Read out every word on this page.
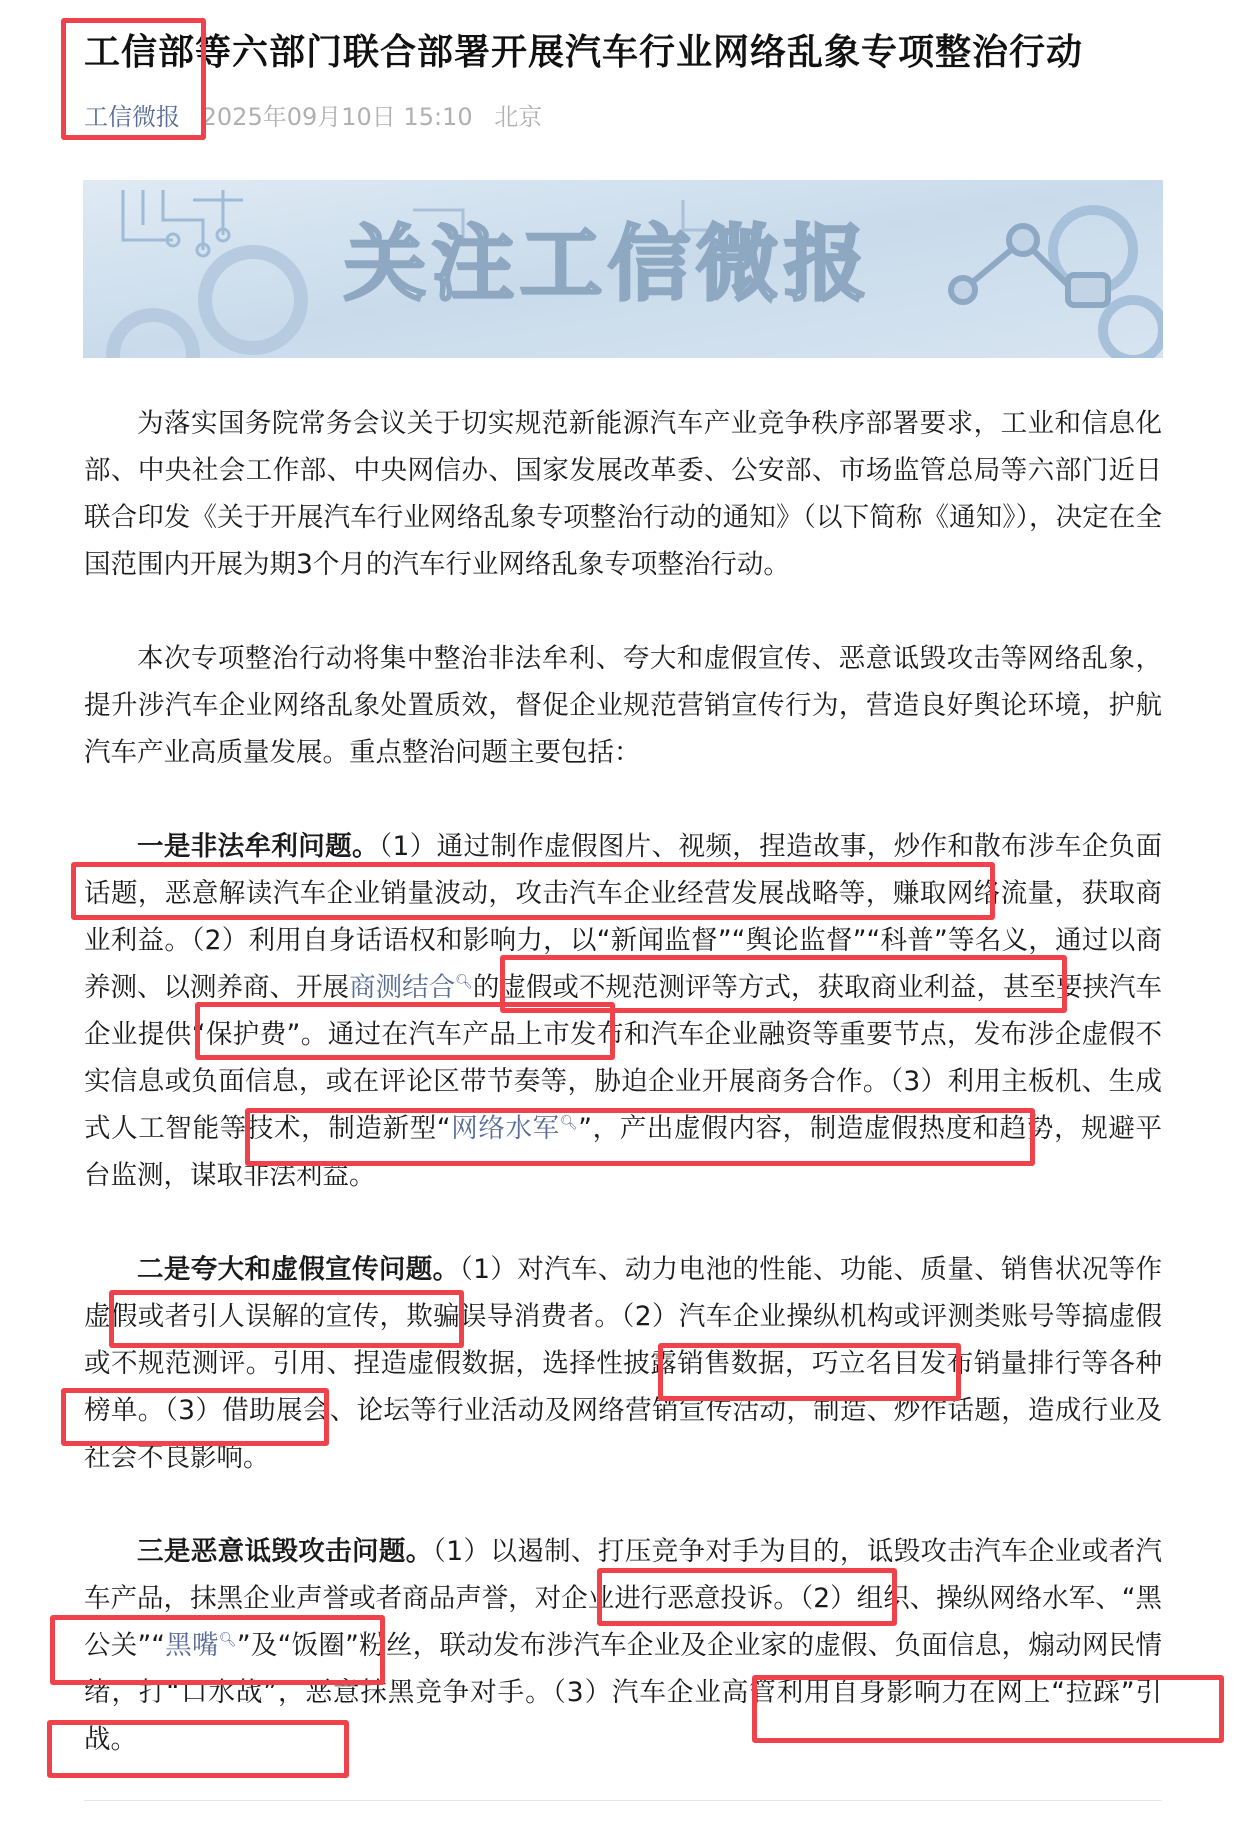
工信部等六部门联合部署开展汽车行业网络乱象专项整治行动
工信微报 2025年09月10日 15:10 北京
关注工信微报

为落实国务院常务会议关于切实规范新能源汽车产业竞争秩序部署要求，工业和信息化部、中央社会工作部、中央网信办、国家发展改革委、公安部、市场监管总局等六部门近日联合印发《关于开展汽车行业网络乱象专项整治行动的通知》（以下简称《通知》），决定在全国范围内开展为期3个月的汽车行业网络乱象专项整治行动。

本次专项整治行动将集中整治非法牟利、夸大和虚假宣传、恶意诋毁攻击等网络乱象，提升涉汽车企业网络乱象处置质效，督促企业规范营销宣传行为，营造良好舆论环境，护航汽车产业高质量发展。重点整治问题主要包括：

一是非法牟利问题。（1）通过制作虚假图片、视频，捏造故事，炒作和散布涉车企负面话题，恶意解读汽车企业销量波动，攻击汽车企业经营发展战略等，赚取网络流量，获取商业利益。（2）利用自身话语权和影响力，以“新闻监督”“舆论监督”“科普”等名义，通过以商养测、以测养商、开展商测结合🔍︎的虚假或不规范测评等方式，获取商业利益，甚至要挟汽车企业提供“保护费”。通过在汽车产品上市发布和汽车企业融资等重要节点，发布涉企虚假不实信息或负面信息，或在评论区带节奏等，胁迫企业开展商务合作。（3）利用主板机、生成式人工智能等技术，制造新型“网络水军🔍︎”，产出虚假内容，制造虚假热度和趋势，规避平台监测，谋取非法利益。

二是夸大和虚假宣传问题。（1）对汽车、动力电池的性能、功能、质量、销售状况等作虚假或者引人误解的宣传，欺骗误导消费者。（2）汽车企业操纵机构或评测类账号等搞虚假或不规范测评。引用、捏造虚假数据，选择性披露销售数据，巧立名目发布销量排行等各种榜单。（3）借助展会、论坛等行业活动及网络营销宣传活动，制造、炒作话题，造成行业及社会不良影响。

三是恶意诋毁攻击问题。（1）以遏制、打压竞争对手为目的，诋毁攻击汽车企业或者汽车产品，抹黑企业声誉或者商品声誉，对企业进行恶意投诉。（2）组织、操纵网络水军、“黑公关”“黑嘴🔍︎”及“饭圈”粉丝，联动发布涉汽车企业及企业家的虚假、负面信息，煽动网民情绪，打“口水战”，恶意抹黑竞争对手。（3）汽车企业高管利用自身影响力在网上“拉踩”引战。
